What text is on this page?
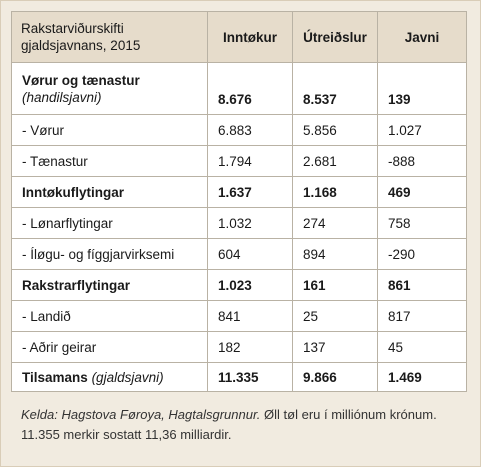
Rakstarviðurskifti
gjaldsjavnans, 2015	Inntøkur	Útreiðslur	Javni
Vørur og tænastur
(handilsjavni)	8.676	8.537	139
- Vørur	6.883	5.856	1.027
- Tænastur	1.794	2.681	-888
Inntøkuflytingar	1.637	1.168	469
- Lønarflytingar	1.032	274	758
- Íløgu- og fíggjarvirksemi	604	894	-290
Rakstrarflytingar	1.023	161	861
- Landið	841	25	817
- Aðrir geirar	182	137	45
Tilsamans (gjaldsjavni)	11.335	9.866	1.469
Kelda: Hagstova Føroya, Hagtalsgrunnur. Øll tøl eru í milliónum krónum. 11.355 merkir sostatt 11,36 milliardir.
